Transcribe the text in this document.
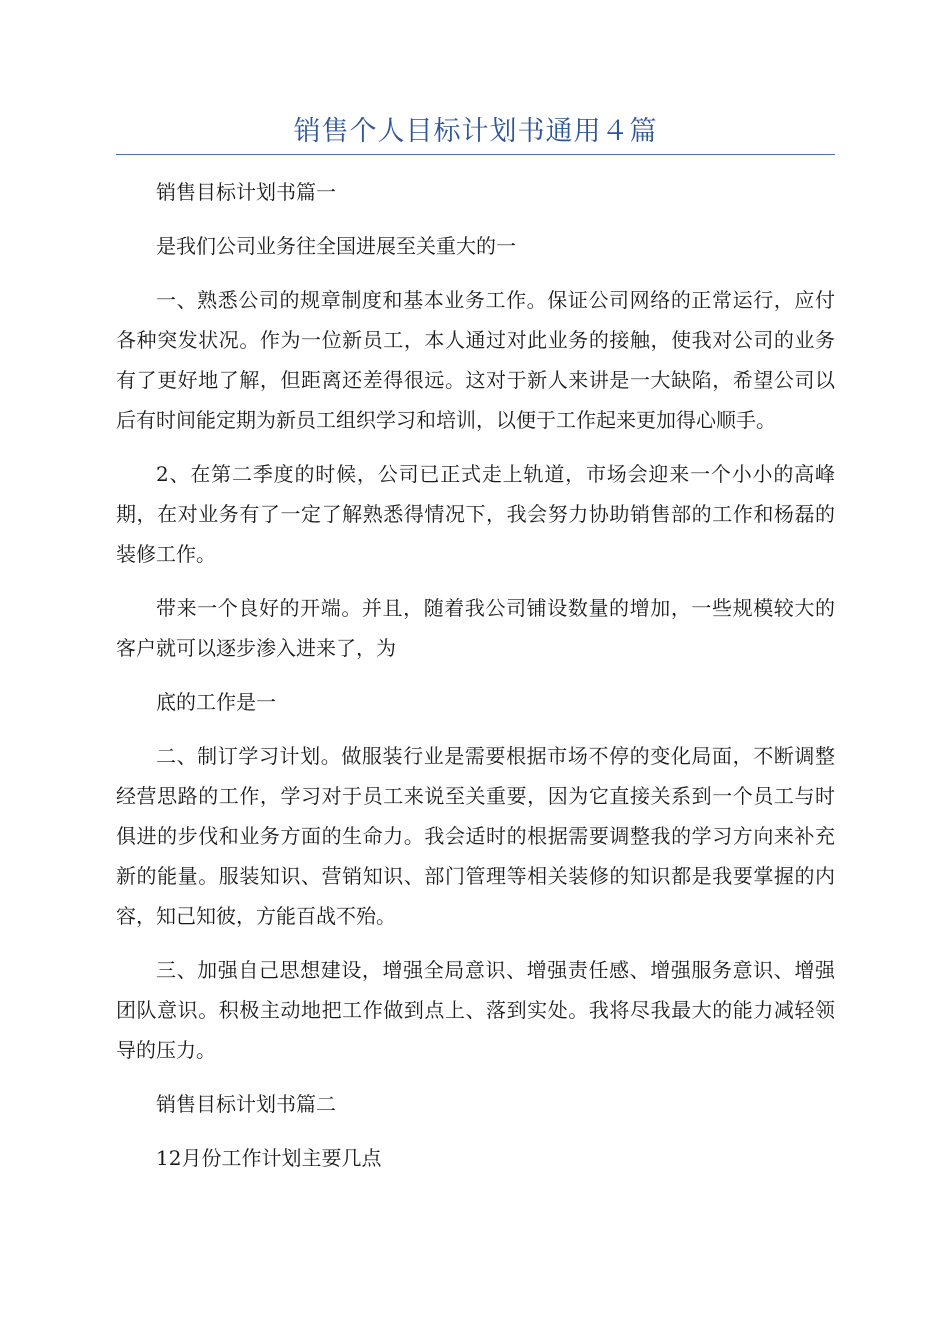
销售个人目标计划书通用４篇

销售目标计划书篇一

是我们公司业务往全国进展至关重大的一

一、熟悉公司的规章制度和基本业务工作。保证公司网络的正常运行，应付各种突发状况。作为一位新员工，本人通过对此业务的接触，使我对公司的业务有了更好地了解，但距离还差得很远。这对于新人来讲是一大缺陷，希望公司以后有时间能定期为新员工组织学习和培训，以便于工作起来更加得心顺手。

2、在第二季度的时候，公司已正式走上轨道，市场会迎来一个小小的高峰期，在对业务有了一定了解熟悉得情况下，我会努力协助销售部的工作和杨磊的装修工作。

带来一个良好的开端。并且，随着我公司铺设数量的增加，一些规模较大的客户就可以逐步渗入进来了，为

底的工作是一

二、制订学习计划。做服装行业是需要根据市场不停的变化局面，不断调整经营思路的工作，学习对于员工来说至关重要，因为它直接关系到一个员工与时俱进的步伐和业务方面的生命力。我会适时的根据需要调整我的学习方向来补充新的能量。服装知识、营销知识、部门管理等相关装修的知识都是我要掌握的内容，知己知彼，方能百战不殆。

三、加强自己思想建设，增强全局意识、增强责任感、增强服务意识、增强团队意识。积极主动地把工作做到点上、落到实处。我将尽我最大的能力减轻领导的压力。

销售目标计划书篇二

12月份工作计划主要几点
